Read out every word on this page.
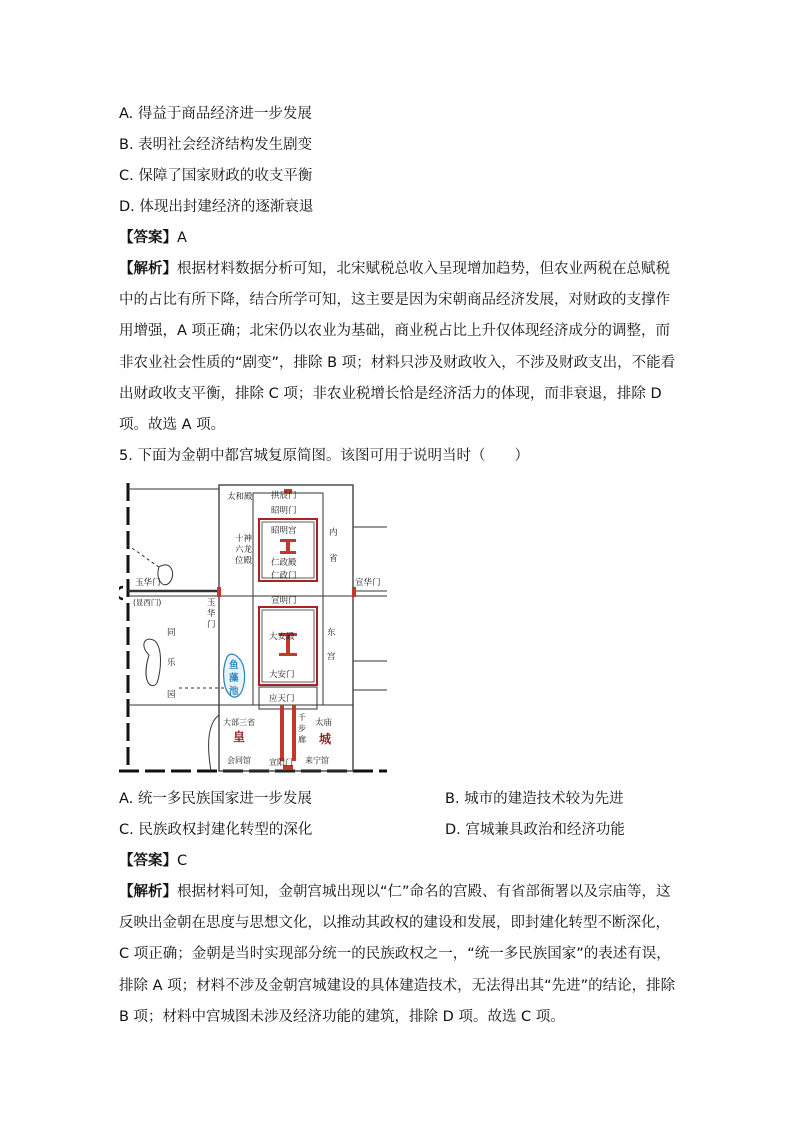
A. 得益于商品经济进一步发展
B. 表明社会经济结构发生剧变
C. 保障了国家财政的收支平衡
D. 体现出封建经济的逐渐衰退
【答案】A
【解析】根据材料数据分析可知，北宋赋税总收入呈现增加趋势，但农业两税在总赋税中的占比有所下降，结合所学可知，这主要是因为宋朝商品经济发展，对财政的支撑作用增强，A 项正确；北宋仍以农业为基础，商业税占比上升仅体现经济成分的调整，而非农业社会性质的“剧变”，排除 B 项；材料只涉及财政收入，不涉及财政支出，不能看出财政收支平衡，排除 C 项；非农业税增长恰是经济活力的体现，而非衰退，排除 D 项。故选 A 项。
5. 下面为金朝中都宫城复原简图。该图可用于说明当时（　　）
太和殿 拱辰门
昭明门
昭明宫
仁政殿
仁政门
十神
六龙
位殿
内
省
宣华门
玉华门
(显西门)	宣明门
大安殿
大安门
东
宫
同
乐
园	应天门
大部三省	太庙
会同馆 宣阳门 来宁馆
玉
华
门
千
步
廊
鱼
藻
池
皇	城
A. 统一多民族国家进一步发展	B. 城市的建造技术较为先进
C. 民族政权封建化转型的深化	D. 宫城兼具政治和经济功能
【答案】C
【解析】根据材料可知，金朝宫城出现以“仁”命名的宫殿、有省部衙署以及宗庙等，这反映出金朝在思度与思想文化，以推动其政权的建设和发展，即封建化转型不断深化，C 项正确；金朝是当时实现部分统一的民族政权之一，“统一多民族国家”的表述有误，排除 A 项；材料不涉及金朝宫城建设的具体建造技术，无法得出其“先进”的结论，排除 B 项；材料中宫城图未涉及经济功能的建筑，排除 D 项。故选 C 项。
